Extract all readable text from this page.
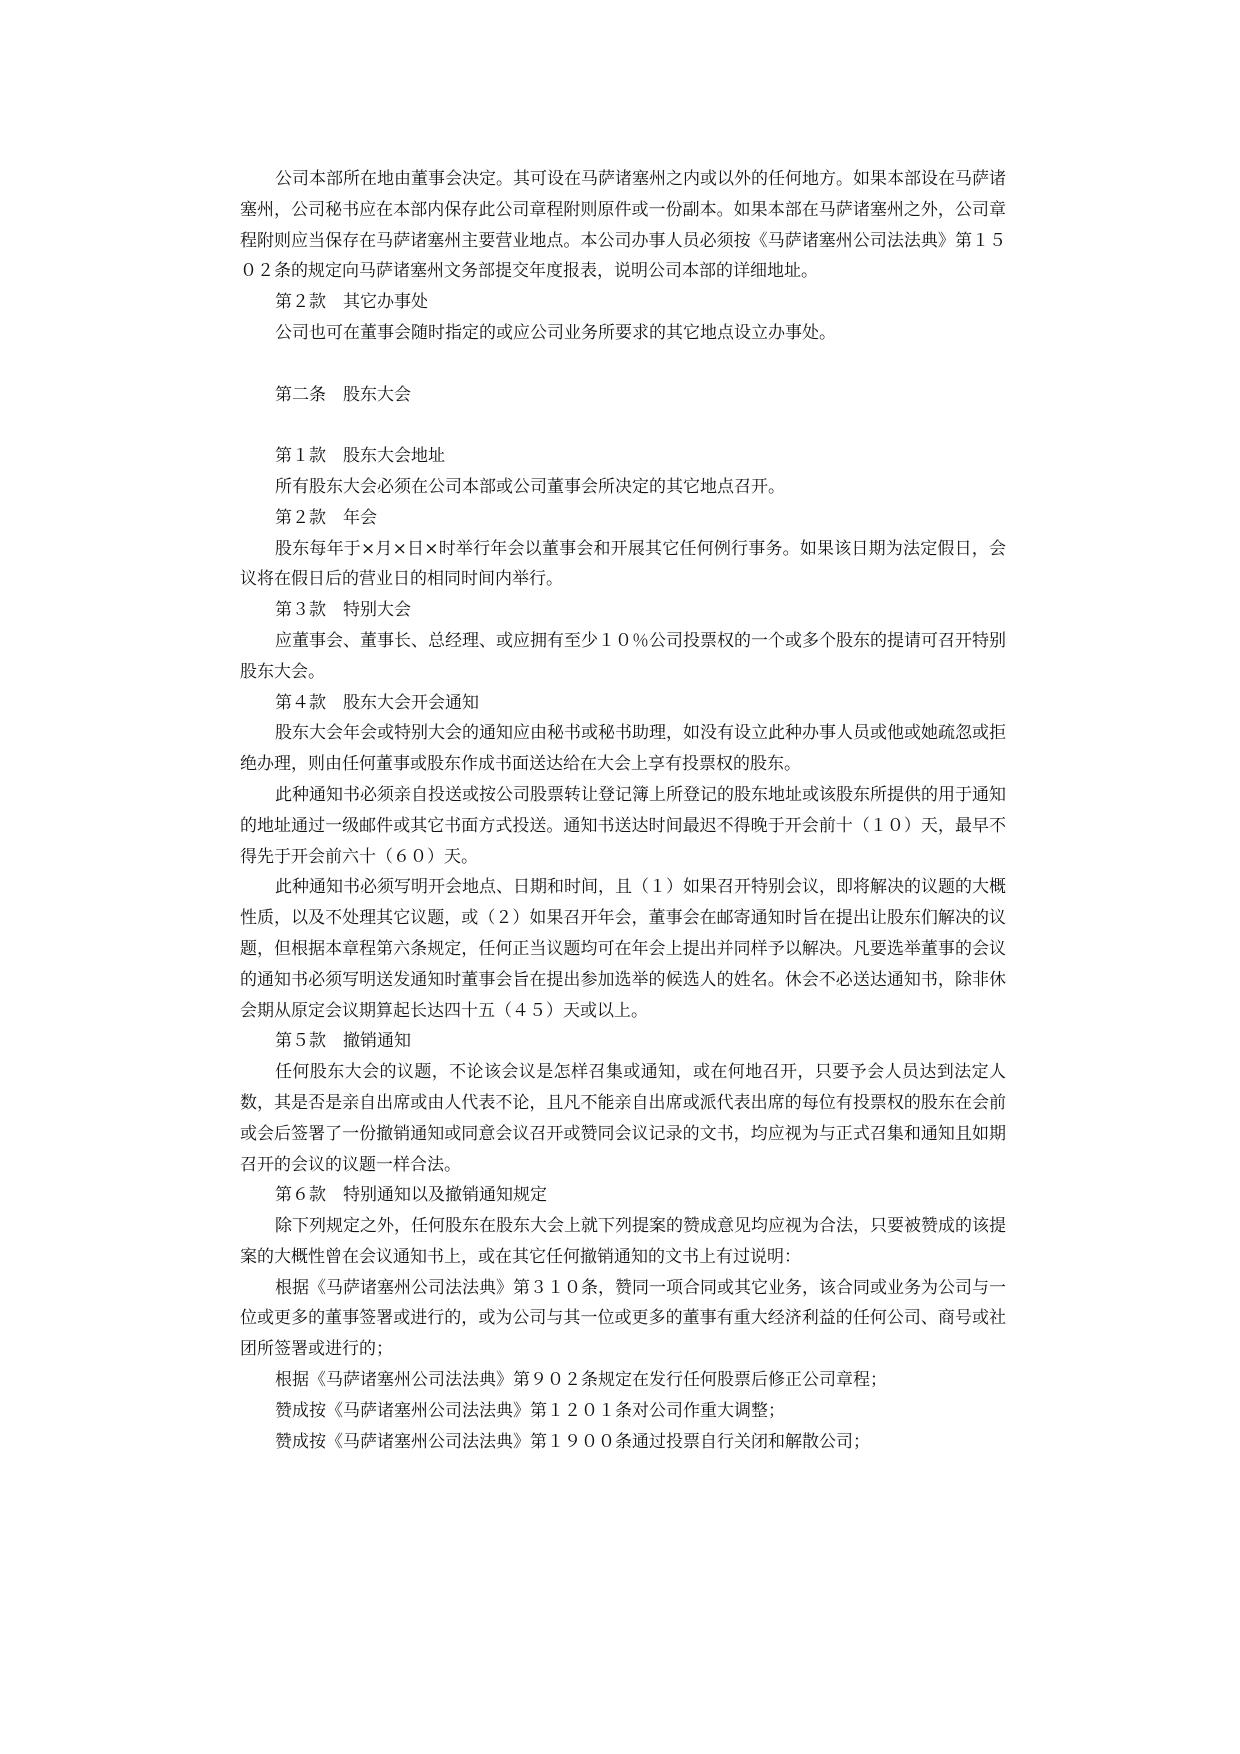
公司本部所在地由董事会决定。其可设在马萨诸塞州之内或以外的任何地方。如果本部设在马萨诸塞州，公司秘书应在本部内保存此公司章程附则原件或一份副本。如果本部在马萨诸塞州之外，公司章程附则应当保存在马萨诸塞州主要营业地点。本公司办事人员必须按《马萨诸塞州公司法法典》第１５０２条的规定向马萨诸塞州文务部提交年度报表，说明公司本部的详细地址。

第２款　其它办事处

公司也可在董事会随时指定的或应公司业务所要求的其它地点设立办事处。

第二条　股东大会

第１款　股东大会地址

所有股东大会必须在公司本部或公司董事会所决定的其它地点召开。

第２款　年会

股东每年于×月×日×时举行年会以董事会和开展其它任何例行事务。如果该日期为法定假日，会议将在假日后的营业日的相同时间内举行。

第３款　特别大会

应董事会、董事长、总经理、或应拥有至少１０％公司投票权的一个或多个股东的提请可召开特别股东大会。

第４款　股东大会开会通知

股东大会年会或特别大会的通知应由秘书或秘书助理，如没有设立此种办事人员或他或她疏忽或拒绝办理，则由任何董事或股东作成书面送达给在大会上享有投票权的股东。

此种通知书必须亲自投送或按公司股票转让登记簿上所登记的股东地址或该股东所提供的用于通知的地址通过一级邮件或其它书面方式投送。通知书送达时间最迟不得晚于开会前十（１０）天，最早不得先于开会前六十（６０）天。

此种通知书必须写明开会地点、日期和时间，且（１）如果召开特别会议，即将解决的议题的大概性质，以及不处理其它议题，或（２）如果召开年会，董事会在邮寄通知时旨在提出让股东们解决的议题，但根据本章程第六条规定，任何正当议题均可在年会上提出并同样予以解决。凡要选举董事的会议的通知书必须写明送发通知时董事会旨在提出参加选举的候选人的姓名。休会不必送达通知书，除非休会期从原定会议期算起长达四十五（４５）天或以上。

第５款　撤销通知

任何股东大会的议题，不论该会议是怎样召集或通知，或在何地召开，只要予会人员达到法定人数，其是否是亲自出席或由人代表不论，且凡不能亲自出席或派代表出席的每位有投票权的股东在会前或会后签署了一份撤销通知或同意会议召开或赞同会议记录的文书，均应视为与正式召集和通知且如期召开的会议的议题一样合法。

第６款　特别通知以及撤销通知规定

除下列规定之外，任何股东在股东大会上就下列提案的赞成意见均应视为合法，只要被赞成的该提案的大概性曾在会议通知书上，或在其它任何撤销通知的文书上有过说明：

根据《马萨诸塞州公司法法典》第３１０条，赞同一项合同或其它业务，该合同或业务为公司与一位或更多的董事签署或进行的，或为公司与其一位或更多的董事有重大经济利益的任何公司、商号或社团所签署或进行的；

根据《马萨诸塞州公司法法典》第９０２条规定在发行任何股票后修正公司章程；

赞成按《马萨诸塞州公司法法典》第１２０１条对公司作重大调整；

赞成按《马萨诸塞州公司法法典》第１９００条通过投票自行关闭和解散公司；
